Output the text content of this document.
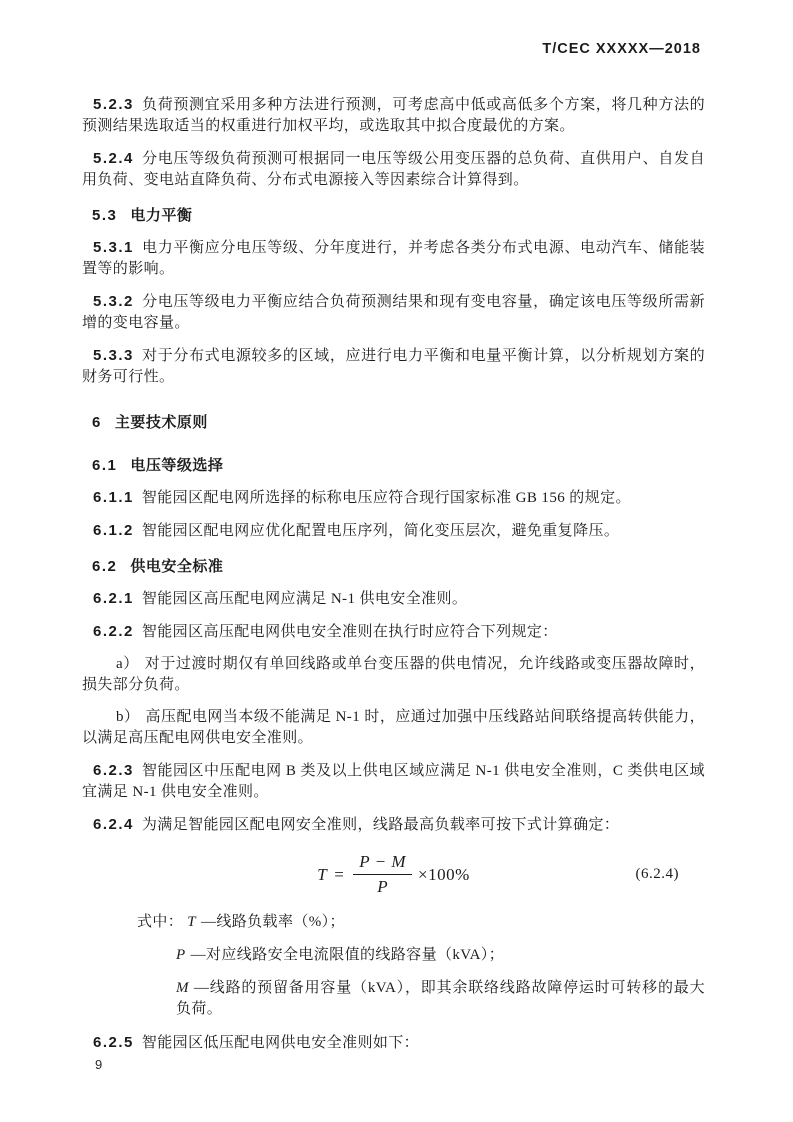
T/CEC XXXXX—2018

5.2.3 负荷预测宜采用多种方法进行预测，可考虑高中低或高低多个方案，将几种方法的预测结果选取适当的权重进行加权平均，或选取其中拟合度最优的方案。

5.2.4 分电压等级负荷预测可根据同一电压等级公用变压器的总负荷、直供用户、自发自用负荷、变电站直降负荷、分布式电源接入等因素综合计算得到。

5.3 电力平衡

5.3.1 电力平衡应分电压等级、分年度进行，并考虑各类分布式电源、电动汽车、储能装置等的影响。

5.3.2 分电压等级电力平衡应结合负荷预测结果和现有变电容量，确定该电压等级所需新增的变电容量。

5.3.3 对于分布式电源较多的区域，应进行电力平衡和电量平衡计算，以分析规划方案的财务可行性。

6 主要技术原则
6.1 电压等级选择

6.1.1 智能园区配电网所选择的标称电压应符合现行国家标准 GB 156 的规定。

6.1.2 智能园区配电网应优化配置电压序列，简化变压层次，避免重复降压。

6.2 供电安全标准

6.2.1 智能园区高压配电网应满足 N-1 供电安全准则。

6.2.2 智能园区高压配电网供电安全准则在执行时应符合下列规定：

a） 对于过渡时期仅有单回线路或单台变压器的供电情况，允许线路或变压器故障时，损失部分负荷。

b） 高压配电网当本级不能满足 N-1 时，应通过加强中压线路站间联络提高转供能力，以满足高压配电网供电安全准则。

6.2.3 智能园区中压配电网 B 类及以上供电区域应满足 N-1 供电安全准则，C 类供电区域宜满足 N-1 供电安全准则。

6.2.4 为满足智能园区配电网安全准则，线路最高负载率可按下式计算确定：

$T = \frac{P - M}{P} \times 100\%$	(6.2.4)

式中： T —线路负载率（%）；

P —对应线路安全电流限值的线路容量（kVA）；

M —线路的预留备用容量（kVA），即其余联络线路故障停运时可转移的最大负荷。

6.2.5 智能园区低压配电网供电安全准则如下：

9
